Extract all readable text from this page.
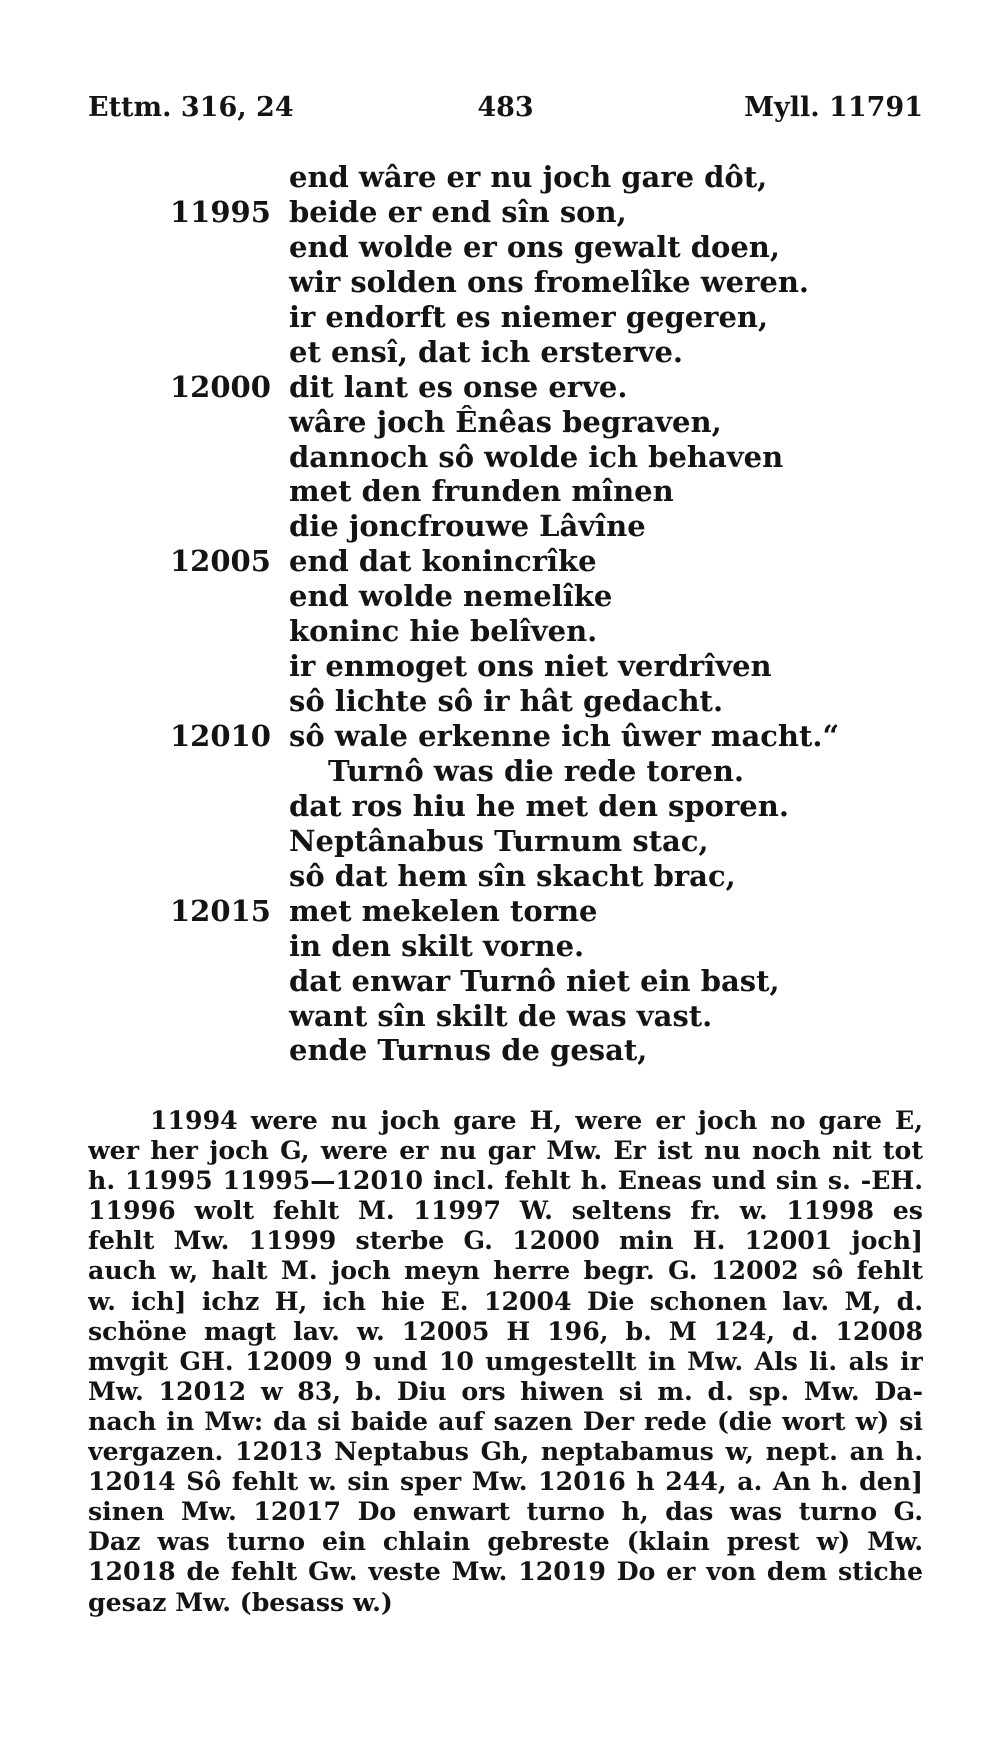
Ettm. 316, 24	483	Myll. 11791
end wâre er nu joch gare dôt,
11995 beide er end sîn son,
end wolde er ons gewalt doen,
wir solden ons fromelîke weren.
ir endorft es niemer gegeren,
et ensî, dat ich ersterve.
12000 dit lant es onse erve.
wâre joch Ênêas begraven,
dannoch sô wolde ich behaven
met den frunden mînen
die joncfrouwe Lâvîne
12005 end dat konincrîke
end wolde nemelîke
koninc hie belîven.
ir enmoget ons niet verdrîven
sô lichte sô ir hât gedacht.
12010 sô wale erkenne ich ûwer macht.“
Turnô was die rede toren.
dat ros hiu he met den sporen.
Neptânabus Turnum stac,
sô dat hem sîn skacht brac,
12015 met mekelen torne
in den skilt vorne.
dat enwar Turnô niet ein bast,
want sîn skilt de was vast.
ende Turnus de gesat,
11994 were nu joch gare H, were er joch no gare E,
wer her joch G, were er nu gar Mw. Er ist nu noch nit tot
h. 11995 11995—12010 incl. fehlt h. Eneas und sin s. -EH.
11996 wolt fehlt M. 11997 W. seltens fr. w. 11998 es
fehlt Mw. 11999 sterbe G. 12000 min H. 12001 joch]
auch w, halt M. joch meyn herre begr. G. 12002 sô fehlt
w. ich] ichz H, ich hie E. 12004 Die schonen lav. M, d.
schöne magt lav. w. 12005 H 196, b. M 124, d. 12008
mvgit GH. 12009 9 und 10 umgestellt in Mw. Als li. als ir
Mw. 12012 w 83, b. Diu ors hiwen si m. d. sp. Mw. Da-
nach in Mw: da si baide auf sazen Der rede (die wort w) si
vergazen. 12013 Neptabus Gh, neptabamus w, nept. an h.
12014 Sô fehlt w. sin sper Mw. 12016 h 244, a. An h. den]
sinen Mw. 12017 Do enwart turno h, das was turno G.
Daz was turno ein chlain gebreste (klain prest w) Mw.
12018 de fehlt Gw. veste Mw. 12019 Do er von dem stiche
gesaz Mw. (besass w.)
